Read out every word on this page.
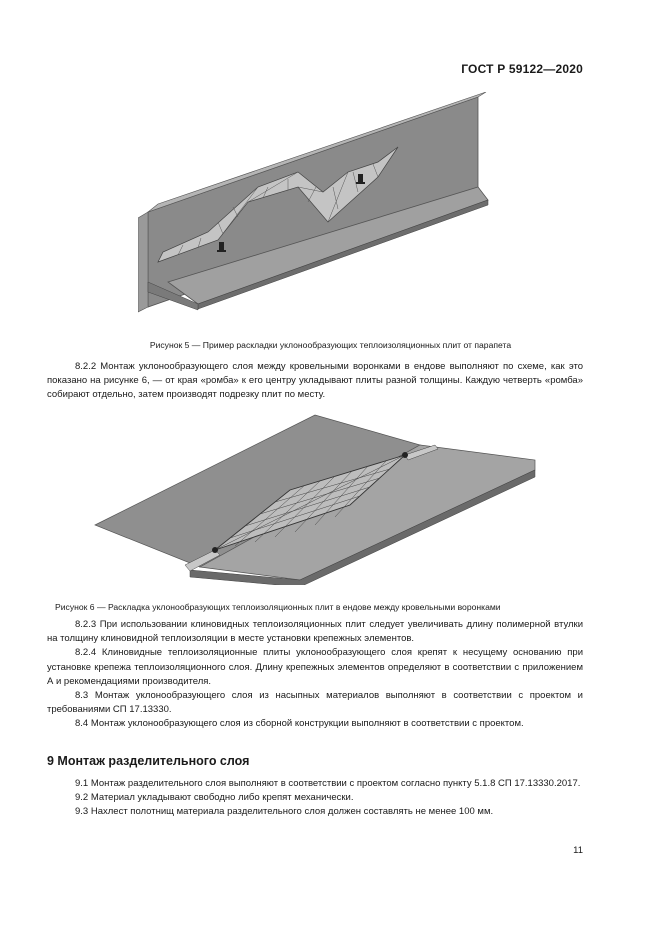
ГОСТ Р 59122—2020
Рисунок 5 — Пример раскладки уклонообразующих теплоизоляционных плит от парапета

8.2.2 Монтаж уклонообразующего слоя между кровельными воронками в ендове выполняют по схеме, как это показано на рисунке 6, — от края «ромба» к его центру укладывают плиты разной толщины. Каждую четверть «ромба» собирают отдельно, затем производят подрезку плит по месту.

Рисунок 6 — Раскладка уклонообразующих теплоизоляционных плит в ендове между кровельными воронками

8.2.3 При использовании клиновидных теплоизоляционных плит следует увеличивать длину полимерной втулки на толщину клиновидной теплоизоляции в месте установки крепежных элементов.

8.2.4 Клиновидные теплоизоляционные плиты уклонообразующего слоя крепят к несущему основанию при установке крепежа теплоизоляционного слоя. Длину крепежных элементов определяют в соответствии с приложением А и рекомендациями производителя.

8.3 Монтаж уклонообразующего слоя из насыпных материалов выполняют в соответствии с проектом и требованиями СП 17.13330.

8.4 Монтаж уклонообразующего слоя из сборной конструкции выполняют в соответствии с проектом.

9 Монтаж разделительного слоя

9.1 Монтаж разделительного слоя выполняют в соответствии с проектом согласно пункту 5.1.8 СП 17.13330.2017.

9.2 Материал укладывают свободно либо крепят механически.

9.3 Нахлест полотнищ материала разделительного слоя должен составлять не менее 100 мм.

11
